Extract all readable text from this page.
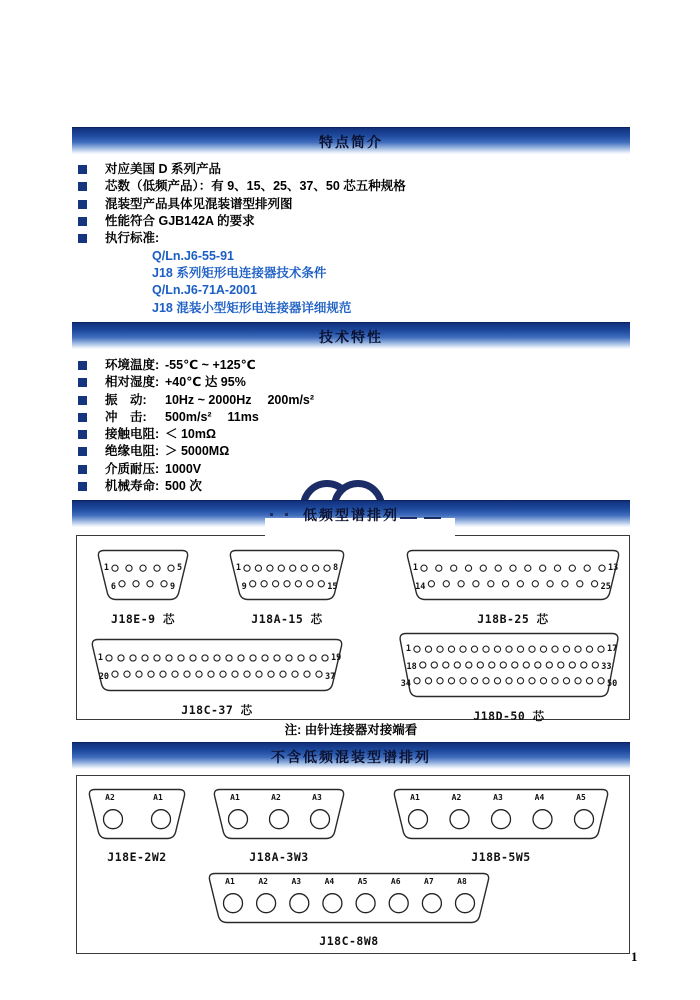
特点简介
对应美国 D 系列产品
芯数（低频产品）：有 9、15、25、37、50 芯五种规格
混装型产品具体见混装谱型排列图
性能符合 GJB142A 的要求
执行标准:
Q/Ln.J6-55-91
J18 系列矩形电连接器技术条件
Q/Ln.J6-71A-2001
J18 混装小型矩形电连接器详细规范
技术特性
环境温度: -55℃ ~ +125℃
相对湿度: +40℃ 达 95%
振　动:	10Hz ~ 2000Hz　 200m/s²
冲　击:	500m/s²　 11ms
接触电阻: ＜ 10mΩ
绝缘电阻: ＞ 5000MΩ
介质耐压: 1000V
机械寿命: 500 次
低频型谱排列
1	5
6	9
J18E-9 芯
1	8
9	15
J18A-15 芯
1	13
14	25
J18B-25 芯
1	19
20	37
J18C-37 芯
1	17
18	33
34	50
J18D-50 芯
注: 由针连接器对接端看
不含低频混装型谱排列
A2	A1
J18E-2W2
A1	A2	A3
J18A-3W3
A1	A2	A3	A4	A5
J18B-5W5
A1	A2	A3	A4	A5	A6	A7	A8
J18C-8W8
1
